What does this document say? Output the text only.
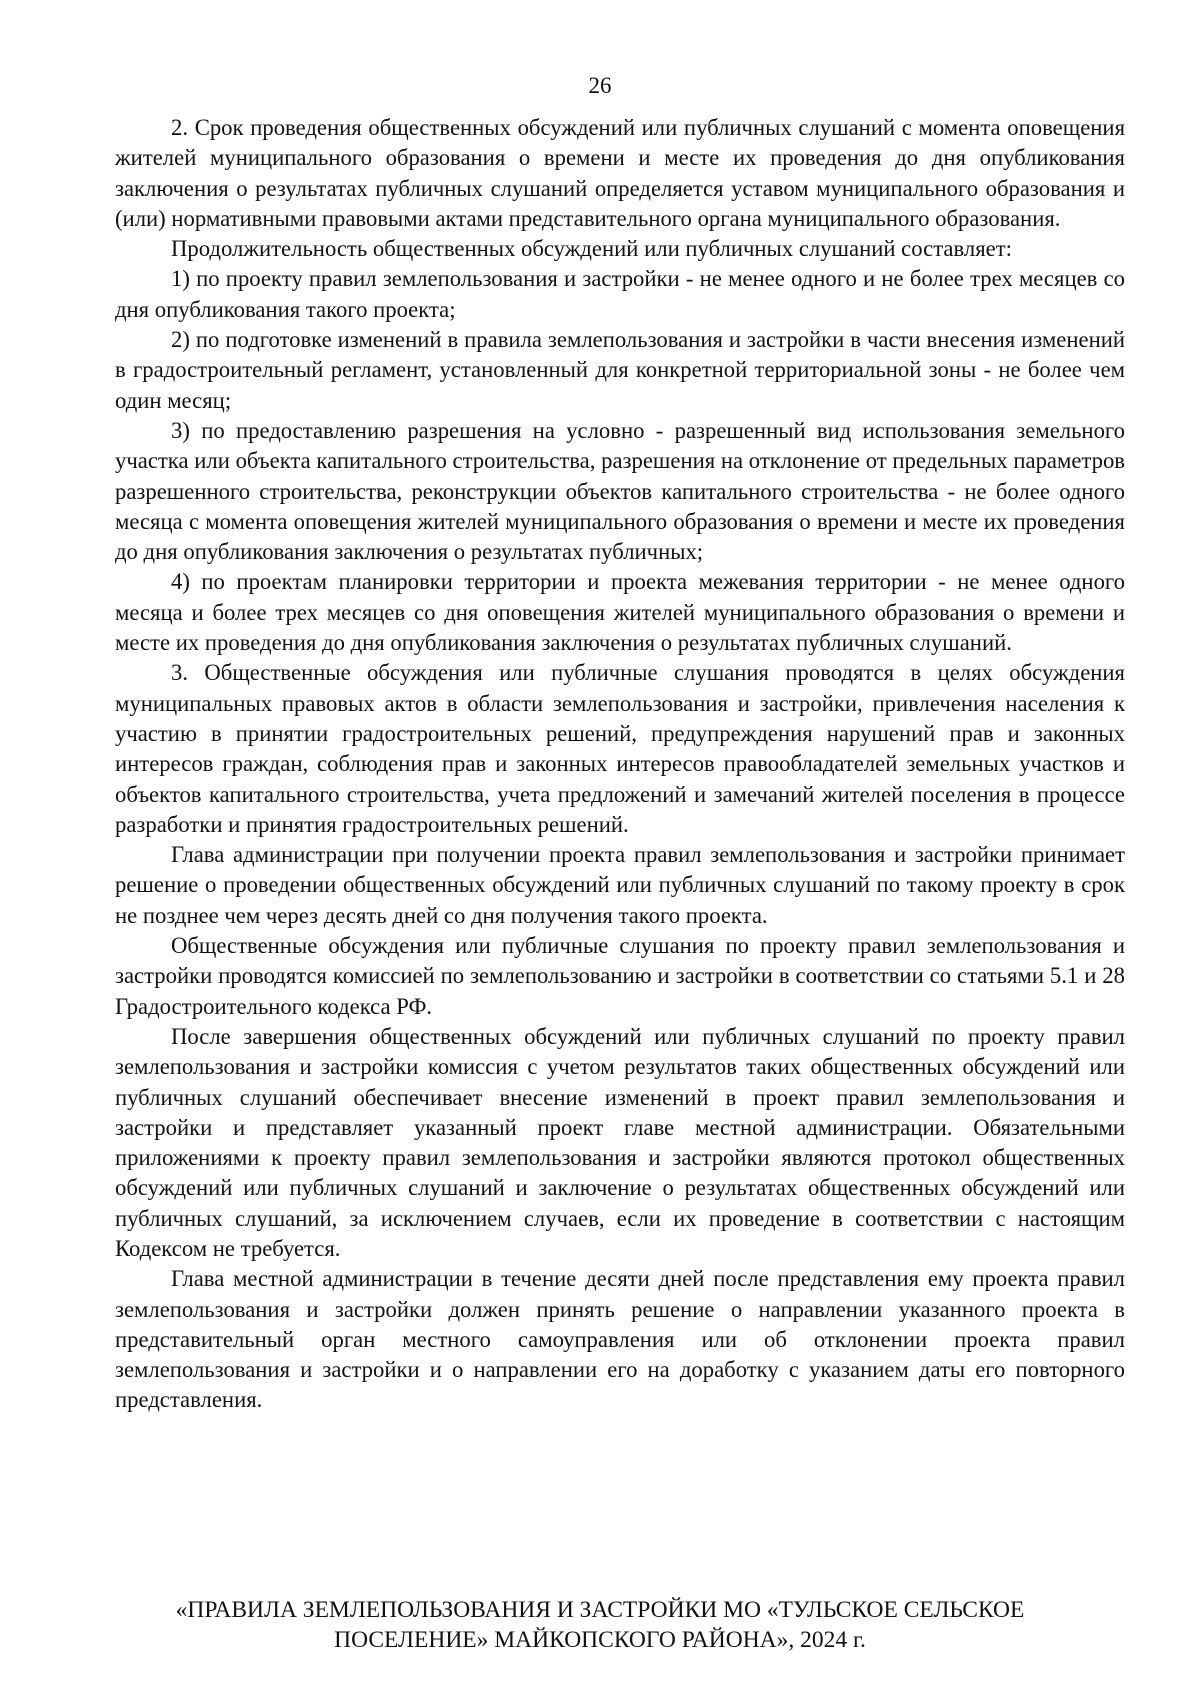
26

2. Срок проведения общественных обсуждений или публичных слушаний с момента оповещения жителей муниципального образования о времени и месте их проведения до дня опубликования заключения о результатах публичных слушаний определяется уставом муниципального образования и (или) нормативными правовыми актами представительного органа муниципального образования.

Продолжительность общественных обсуждений или публичных слушаний составляет:

1) по проекту правил землепользования и застройки - не менее одного и не более трех месяцев со дня опубликования такого проекта;

2) по подготовке изменений в правила землепользования и застройки в части внесения изменений в градостроительный регламент, установленный для конкретной территориальной зоны - не более чем один месяц;

3) по предоставлению разрешения на условно - разрешенный вид использования земельного участка или объекта капитального строительства, разрешения на отклонение от предельных параметров разрешенного строительства, реконструкции объектов капитального строительства - не более одного месяца с момента оповещения жителей муниципального образования о времени и месте их проведения до дня опубликования заключения о результатах публичных;

4) по проектам планировки территории и проекта межевания территории - не менее одного месяца и более трех месяцев со дня оповещения жителей муниципального образования о времени и месте их проведения до дня опубликования заключения о результатах публичных слушаний.

3. Общественные обсуждения или публичные слушания проводятся в целях обсуждения муниципальных правовых актов в области землепользования и застройки, привлечения населения к участию в принятии градостроительных решений, предупреждения нарушений прав и законных интересов граждан, соблюдения прав и законных интересов правообладателей земельных участков и объектов капитального строительства, учета предложений и замечаний жителей поселения в процессе разработки и принятия градостроительных решений.

Глава администрации при получении проекта правил землепользования и застройки принимает решение о проведении общественных обсуждений или публичных слушаний по такому проекту в срок не позднее чем через десять дней со дня получения такого проекта.

Общественные обсуждения или публичные слушания по проекту правил землепользования и застройки проводятся комиссией по землепользованию и застройки в соответствии со статьями 5.1 и 28 Градостроительного кодекса РФ.

После завершения общественных обсуждений или публичных слушаний по проекту правил землепользования и застройки комиссия с учетом результатов таких общественных обсуждений или публичных слушаний обеспечивает внесение изменений в проект правил землепользования и застройки и представляет указанный проект главе местной администрации. Обязательными приложениями к проекту правил землепользования и застройки являются протокол общественных обсуждений или публичных слушаний и заключение о результатах общественных обсуждений или публичных слушаний, за исключением случаев, если их проведение в соответствии с настоящим Кодексом не требуется.

Глава местной администрации в течение десяти дней после представления ему проекта правил землепользования и застройки должен принять решение о направлении указанного проекта в представительный орган местного самоуправления или об отклонении проекта правил землепользования и застройки и о направлении его на доработку с указанием даты его повторного представления.

«ПРАВИЛА ЗЕМЛЕПОЛЬЗОВАНИЯ И ЗАСТРОЙКИ МО «ТУЛЬСКОЕ СЕЛЬСКОЕ
ПОСЕЛЕНИЕ» МАЙКОПСКОГО РАЙОНА», 2024 г.
